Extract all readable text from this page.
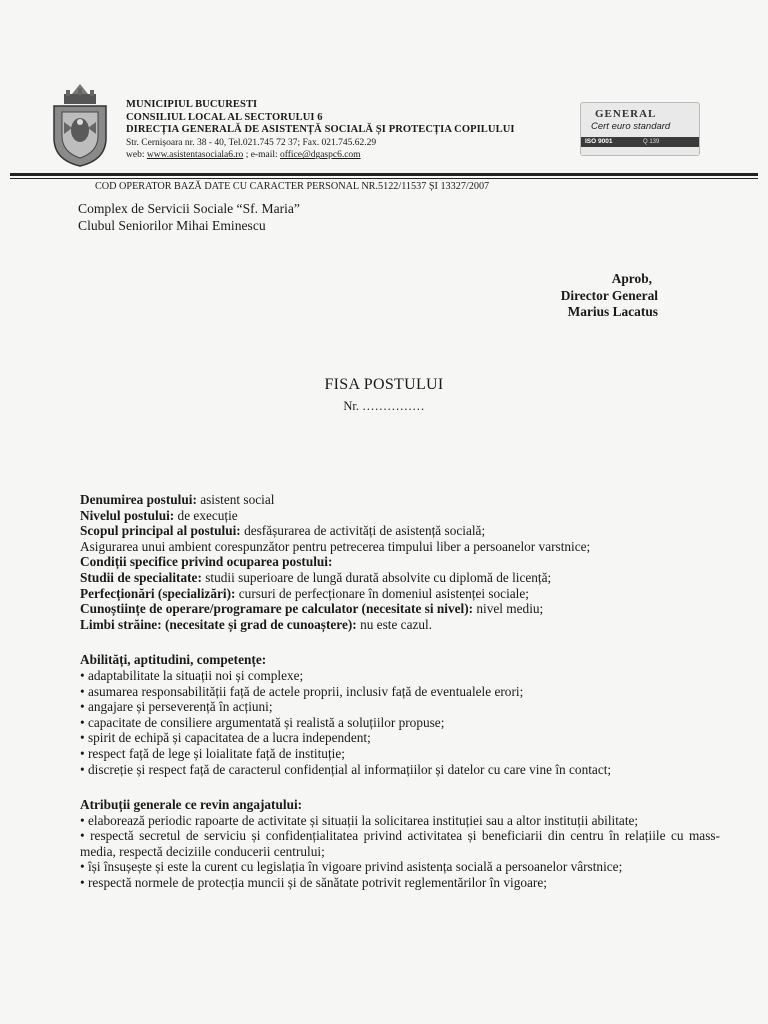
MUNICIPIUL BUCURESTI
CONSILIUL LOCAL AL SECTORULUI 6
DIRECȚIA GENERALĂ DE ASISTENȚĂ SOCIALĂ ȘI PROTECȚIA COPILULUI
Str. Cernișoara nr. 38 - 40, Tel.021.745 72 37; Fax. 021.745.62.29
web: www.asistentasociala6.ro ; e-mail: office@dgaspc6.com
GENERAL
Cert euro standard
ISO 9001	Q 139
COD OPERATOR BAZĂ DATE CU CARACTER PERSONAL NR.5122/11537 ȘI 13327/2007
Complex de Servicii Sociale “Sf. Maria”
Clubul Seniorilor Mihai Eminescu
Aprob,
Director General
Marius Lacatus
FISA POSTULUI
Nr. ……………
Denumirea postului: asistent social
Nivelul postului: de execuție
Scopul principal al postului: desfășurarea de activități de asistență socială;
Asigurarea unui ambient corespunzător pentru petrecerea timpului liber a persoanelor varstnice;
Condiții specifice privind ocuparea postului:
Studii de specialitate: studii superioare de lungă durată absolvite cu diplomă de licență;
Perfecționări (specializări): cursuri de perfecționare în domeniul asistenței sociale;
Cunoștiințe de operare/programare pe calculator (necesitate si nivel): nivel mediu;
Limbi străine: (necesitate și grad de cunoaștere): nu este cazul.
Abilități, aptitudini, competențe:
• adaptabilitate la situații noi și complexe;
• asumarea responsabilității față de actele proprii, inclusiv față de eventualele erori;
• angajare și perseverență în acțiuni;
• capacitate de consiliere argumentată și realistă a soluțiilor propuse;
• spirit de echipă și capacitatea de a lucra independent;
• respect față de lege și loialitate față de instituție;
• discreție și respect față de caracterul confidențial al informațiilor și datelor cu care vine în contact;
Atribuții generale ce revin angajatului:
• elaborează periodic rapoarte de activitate și situații la solicitarea instituției sau a altor instituții abilitate;
• respectă secretul de serviciu și confidențialitatea privind activitatea și beneficiarii din centru în relațiile cu mass-media, respectă deciziile conducerii centrului;
• își însușește și este la curent cu legislația în vigoare privind asistența socială a persoanelor vârstnice;
• respectă normele de protecția muncii și de sănătate potrivit reglementărilor în vigoare;
